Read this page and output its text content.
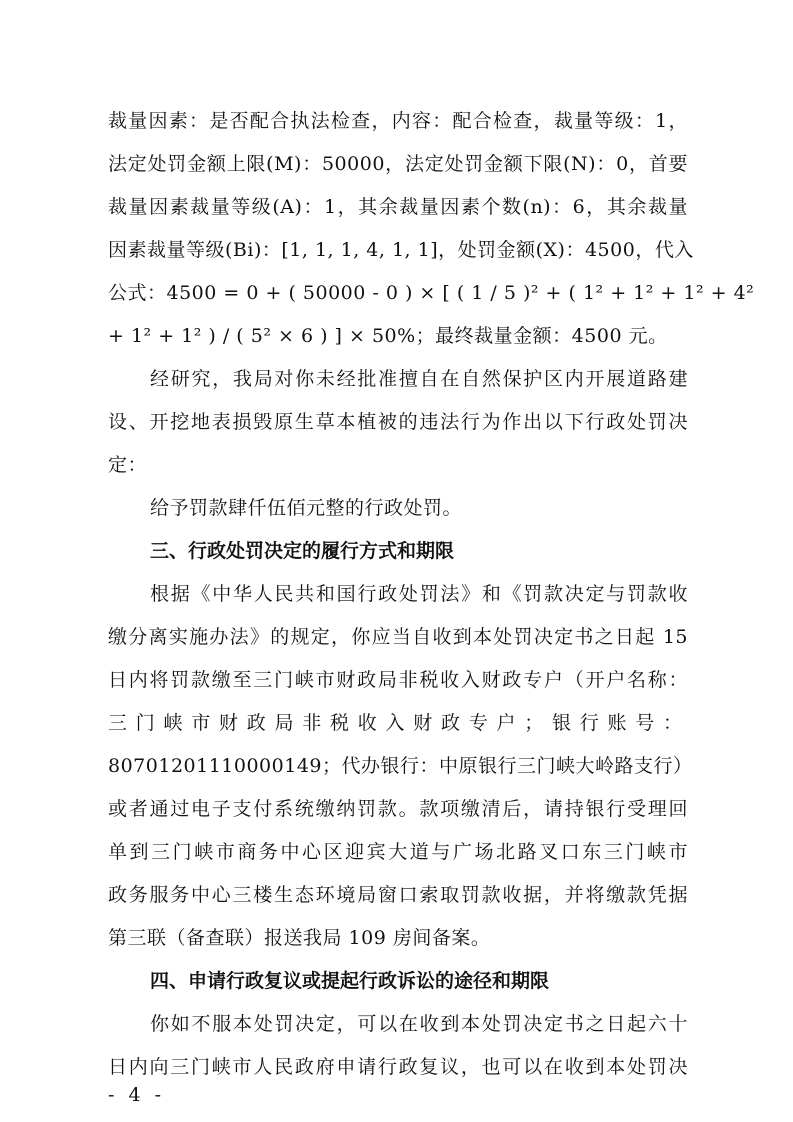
裁量因素：是否配合执法检查，内容：配合检查，裁量等级：1，
法定处罚金额上限(M)：50000，法定处罚金额下限(N)：0，首要
裁量因素裁量等级(A)：1，其余裁量因素个数(n)：6，其余裁量
因素裁量等级(Bi)：[1, 1, 1, 4, 1, 1]，处罚金额(X)：4500，代入
公式：4500 = 0 + ( 50000 - 0 ) × [ ( 1 / 5 )² + ( 1² + 1² + 1² + 4²
+ 1² + 1² ) / ( 5² × 6 ) ] × 50%；最终裁量金额：4500 元。
经研究，我局对你未经批准擅自在自然保护区内开展道路建
设、开挖地表损毁原生草本植被的违法行为作出以下行政处罚决
定：
给予罚款肆仟伍佰元整的行政处罚。
三、行政处罚决定的履行方式和期限
根据《中华人民共和国行政处罚法》和《罚款决定与罚款收
缴分离实施办法》的规定，你应当自收到本处罚决定书之日起 15
日内将罚款缴至三门峡市财政局非税收入财政专户（开户名称：
三门峡市财政局非税收入财政专户；银行账号：
80701201110000149；代办银行：中原银行三门峡大岭路支行）
或者通过电子支付系统缴纳罚款。款项缴清后，请持银行受理回
单到三门峡市商务中心区迎宾大道与广场北路叉口东三门峡市
政务服务中心三楼生态环境局窗口索取罚款收据，并将缴款凭据
第三联（备查联）报送我局 109 房间备案。
四、申请行政复议或提起行政诉讼的途径和期限
你如不服本处罚决定，可以在收到本处罚决定书之日起六十
日内向三门峡市人民政府申请行政复议，也可以在收到本处罚决
- 4 -
